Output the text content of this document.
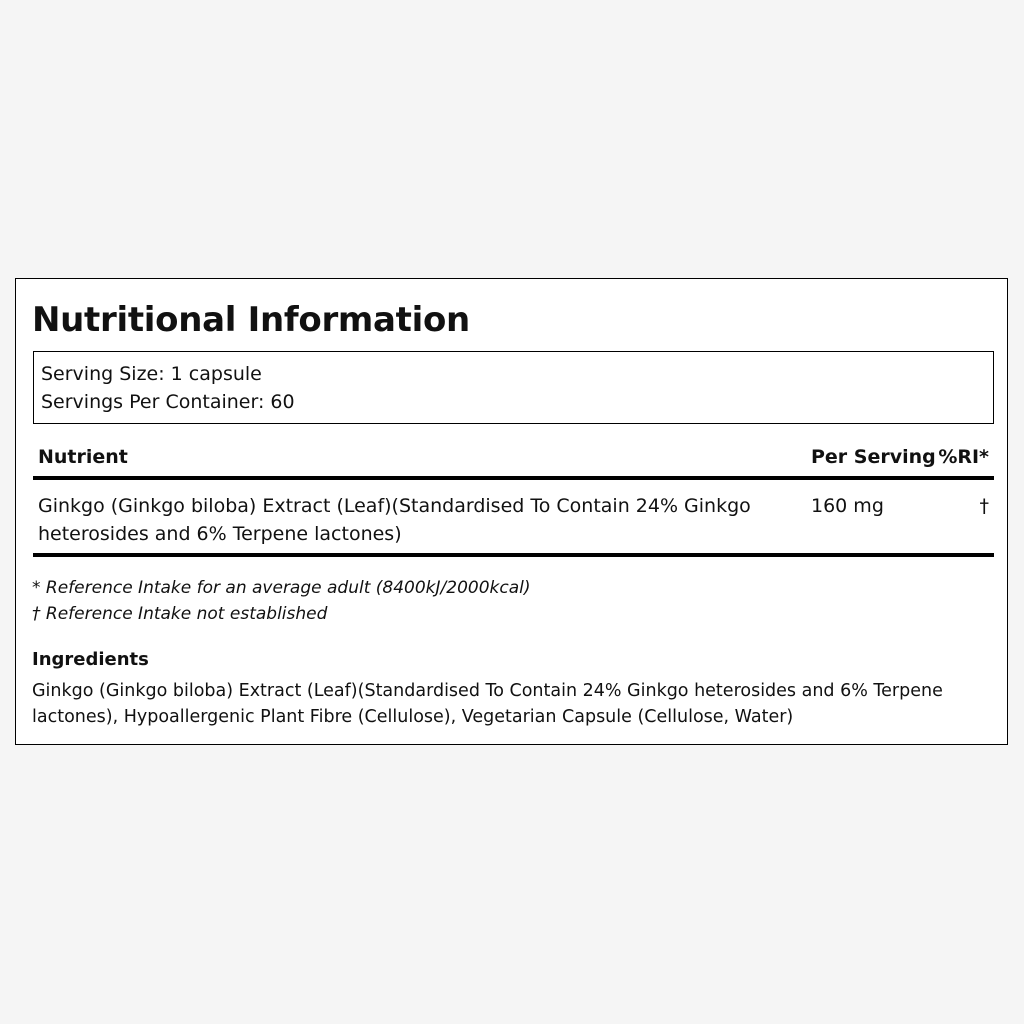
Nutritional Information
Serving Size: 1 capsule
Servings Per Container: 60
Nutrient	Per Serving %RI*
Ginkgo (Ginkgo biloba) Extract (Leaf)(Standardised To Contain 24% Ginkgo heterosides and 6% Terpene lactones)
160 mg	†
* Reference Intake for an average adult (8400kJ/2000kcal)
† Reference Intake not established
Ingredients
Ginkgo (Ginkgo biloba) Extract (Leaf)(Standardised To Contain 24% Ginkgo heterosides and 6% Terpene lactones), Hypoallergenic Plant Fibre (Cellulose), Vegetarian Capsule (Cellulose, Water)
